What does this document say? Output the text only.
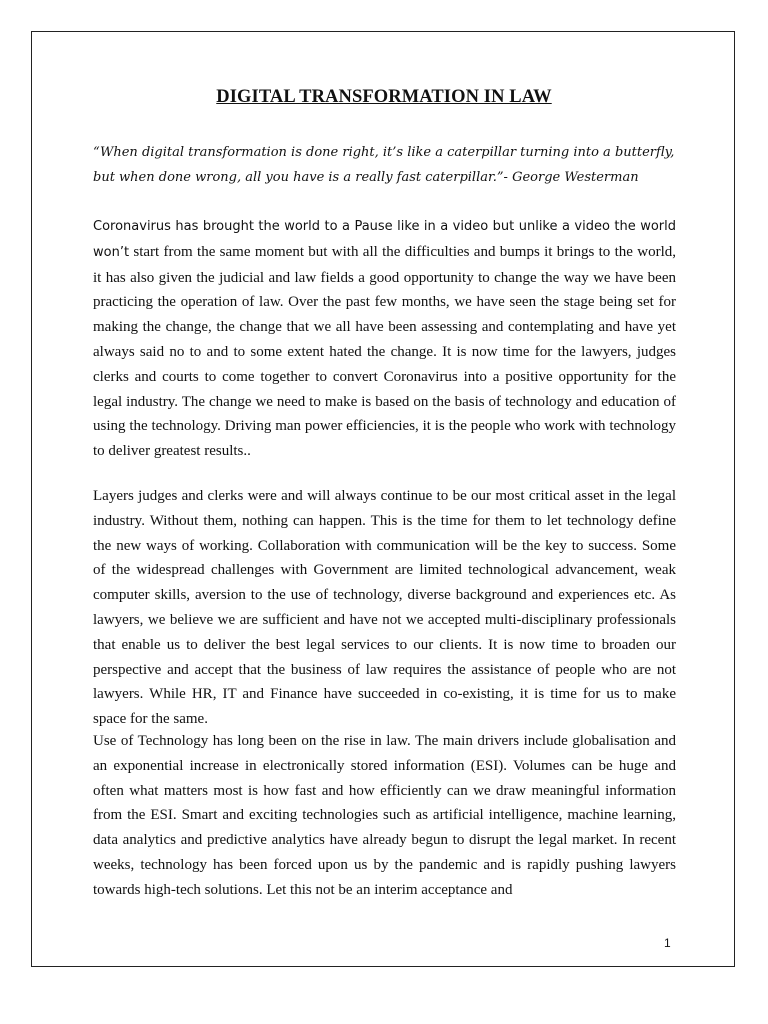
DIGITAL TRANSFORMATION IN LAW

“When digital transformation is done right, it’s like a caterpillar turning into a butterfly, but when done wrong, all you have is a really fast caterpillar.”- George Westerman

Coronavirus has brought the world to a Pause like in a video but unlike a video the world won’t start from the same moment but with all the difficulties and bumps it brings to the world, it has also given the judicial and law fields a good opportunity to change the way we have been practicing the operation of law. Over the past few months, we have seen the stage being set for making the change, the change that we all have been assessing and contemplating and have yet always said no to and to some extent hated the change. It is now time for the lawyers, judges clerks and courts to come together to convert Coronavirus into a positive opportunity for the legal industry. The change we need to make is based on the basis of technology and education of using the technology. Driving man power efficiencies, it is the people who work with technology to deliver greatest results..

Layers judges and clerks were and will always continue to be our most critical asset in the legal industry. Without them, nothing can happen. This is the time for them to let technology define the new ways of working. Collaboration with communication will be the key to success. Some of the widespread challenges with Government are limited technological advancement, weak computer skills, aversion to the use of technology, diverse background and experiences etc. As lawyers, we believe we are sufficient and have not we accepted multi-disciplinary professionals that enable us to deliver the best legal services to our clients. It is now time to broaden our perspective and accept that the business of law requires the assistance of people who are not lawyers. While HR, IT and Finance have succeeded in co-existing, it is time for us to make space for the same.

Use of Technology has long been on the rise in law. The main drivers include globalisation and an exponential increase in electronically stored information (ESI). Volumes can be huge and often what matters most is how fast and how efficiently can we draw meaningful information from the ESI. Smart and exciting technologies such as artificial intelligence, machine learning, data analytics and predictive analytics have already begun to disrupt the legal market. In recent weeks, technology has been forced upon us by the pandemic and is rapidly pushing lawyers towards high-tech solutions. Let this not be an interim acceptance and

1
